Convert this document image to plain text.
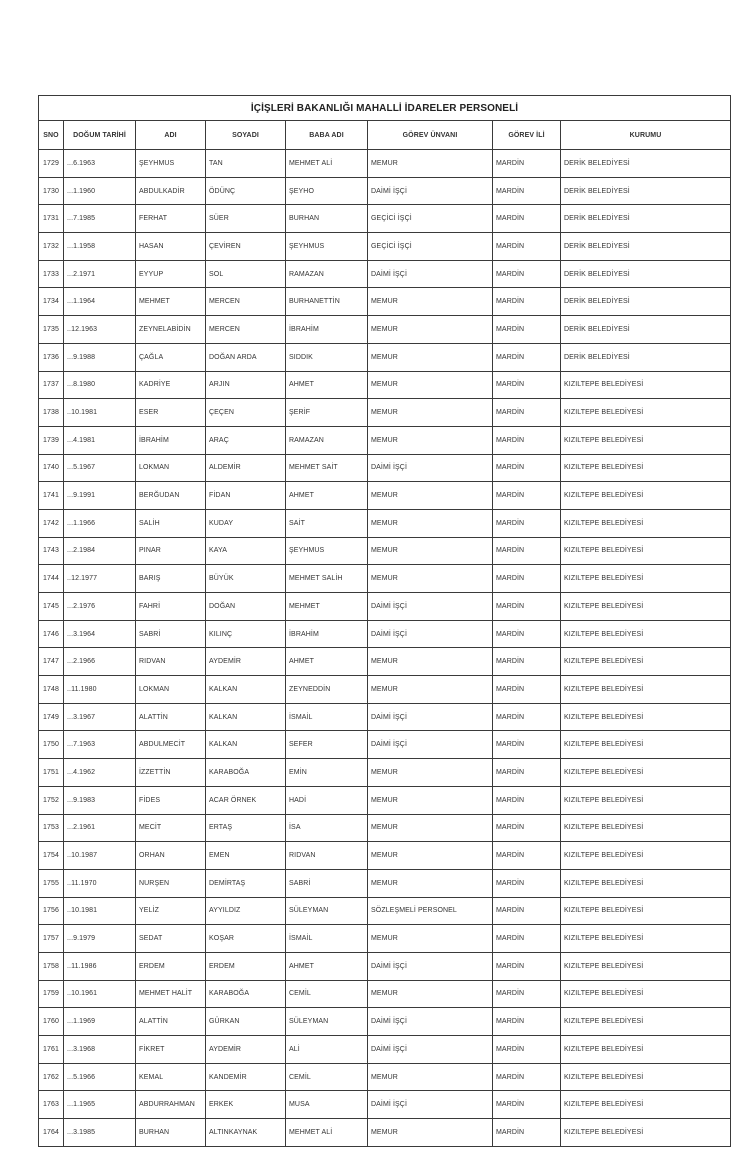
İÇİŞLERİ BAKANLIĞI MAHALLİ İDARELER PERSONELİ							
SNO	DOĞUM TARİHİ	ADI	SOYADI	BABA ADI	GÖREV ÜNVANI	GÖREV İLİ	KURUMU
1729	...6.1963	ŞEYHMUS	TAN	MEHMET ALİ	MEMUR	MARDİN	DERİK BELEDİYESİ
1730	...1.1960	ABDULKADİR	ÖDÜNÇ	ŞEYHO	DAİMİ İŞÇİ	MARDİN	DERİK BELEDİYESİ
1731	...7.1985	FERHAT	SÜER	BURHAN	GEÇİCİ İŞÇİ	MARDİN	DERİK BELEDİYESİ
1732	...1.1958	HASAN	ÇEVİREN	ŞEYHMUS	GEÇİCİ İŞÇİ	MARDİN	DERİK BELEDİYESİ
1733	...2.1971	EYYUP	SOL	RAMAZAN	DAİMİ İŞÇİ	MARDİN	DERİK BELEDİYESİ
1734	...1.1964	MEHMET	MERCEN	BURHANETTİN	MEMUR	MARDİN	DERİK BELEDİYESİ
1735	..12.1963	ZEYNELABİDİN	MERCEN	İBRAHİM	MEMUR	MARDİN	DERİK BELEDİYESİ
1736	...9.1988	ÇAĞLA	DOĞAN ARDA	SIDDIK	MEMUR	MARDİN	DERİK BELEDİYESİ
1737	...8.1980	KADRİYE	ARJIN	AHMET	MEMUR	MARDİN	KIZILTEPE BELEDİYESİ
1738	..10.1981	ESER	ÇEÇEN	ŞERİF	MEMUR	MARDİN	KIZILTEPE BELEDİYESİ
1739	...4.1981	İBRAHİM	ARAÇ	RAMAZAN	MEMUR	MARDİN	KIZILTEPE BELEDİYESİ
1740	...5.1967	LOKMAN	ALDEMİR	MEHMET SAİT	DAİMİ İŞÇİ	MARDİN	KIZILTEPE BELEDİYESİ
1741	...9.1991	BERĞUDAN	FİDAN	AHMET	MEMUR	MARDİN	KIZILTEPE BELEDİYESİ
1742	...1.1966	SALİH	KUDAY	SAİT	MEMUR	MARDİN	KIZILTEPE BELEDİYESİ
1743	...2.1984	PINAR	KAYA	ŞEYHMUS	MEMUR	MARDİN	KIZILTEPE BELEDİYESİ
1744	..12.1977	BARIŞ	BÜYÜK	MEHMET SALİH	MEMUR	MARDİN	KIZILTEPE BELEDİYESİ
1745	...2.1976	FAHRİ	DOĞAN	MEHMET	DAİMİ İŞÇİ	MARDİN	KIZILTEPE BELEDİYESİ
1746	...3.1964	SABRİ	KILINÇ	İBRAHİM	DAİMİ İŞÇİ	MARDİN	KIZILTEPE BELEDİYESİ
1747	...2.1966	RIDVAN	AYDEMİR	AHMET	MEMUR	MARDİN	KIZILTEPE BELEDİYESİ
1748	..11.1980	LOKMAN	KALKAN	ZEYNEDDİN	MEMUR	MARDİN	KIZILTEPE BELEDİYESİ
1749	...3.1967	ALATTİN	KALKAN	İSMAİL	DAİMİ İŞÇİ	MARDİN	KIZILTEPE BELEDİYESİ
1750	...7.1963	ABDULMECİT	KALKAN	SEFER	DAİMİ İŞÇİ	MARDİN	KIZILTEPE BELEDİYESİ
1751	...4.1962	İZZETTİN	KARABOĞA	EMİN	MEMUR	MARDİN	KIZILTEPE BELEDİYESİ
1752	...9.1983	FİDES	ACAR ÖRNEK	HADİ	MEMUR	MARDİN	KIZILTEPE BELEDİYESİ
1753	...2.1961	MECİT	ERTAŞ	İSA	MEMUR	MARDİN	KIZILTEPE BELEDİYESİ
1754	..10.1987	ORHAN	EMEN	RIDVAN	MEMUR	MARDİN	KIZILTEPE BELEDİYESİ
1755	..11.1970	NURŞEN	DEMİRTAŞ	SABRİ	MEMUR	MARDİN	KIZILTEPE BELEDİYESİ
1756	..10.1981	YELİZ	AYYILDIZ	SÜLEYMAN	SÖZLEŞMELİ PERSONEL	MARDİN	KIZILTEPE BELEDİYESİ
1757	...9.1979	SEDAT	KOŞAR	İSMAİL	MEMUR	MARDİN	KIZILTEPE BELEDİYESİ
1758	..11.1986	ERDEM	ERDEM	AHMET	DAİMİ İŞÇİ	MARDİN	KIZILTEPE BELEDİYESİ
1759	..10.1961	MEHMET HALİT	KARABOĞA	CEMİL	MEMUR	MARDİN	KIZILTEPE BELEDİYESİ
1760	...1.1969	ALATTİN	GÜRKAN	SÜLEYMAN	DAİMİ İŞÇİ	MARDİN	KIZILTEPE BELEDİYESİ
1761	...3.1968	FİKRET	AYDEMİR	ALİ	DAİMİ İŞÇİ	MARDİN	KIZILTEPE BELEDİYESİ
1762	...5.1966	KEMAL	KANDEMİR	CEMİL	MEMUR	MARDİN	KIZILTEPE BELEDİYESİ
1763	...1.1965	ABDURRAHMAN	ERKEK	MUSA	DAİMİ İŞÇİ	MARDİN	KIZILTEPE BELEDİYESİ
1764	...3.1985	BURHAN	ALTINKAYNAK	MEHMET ALİ	MEMUR	MARDİN	KIZILTEPE BELEDİYESİ
